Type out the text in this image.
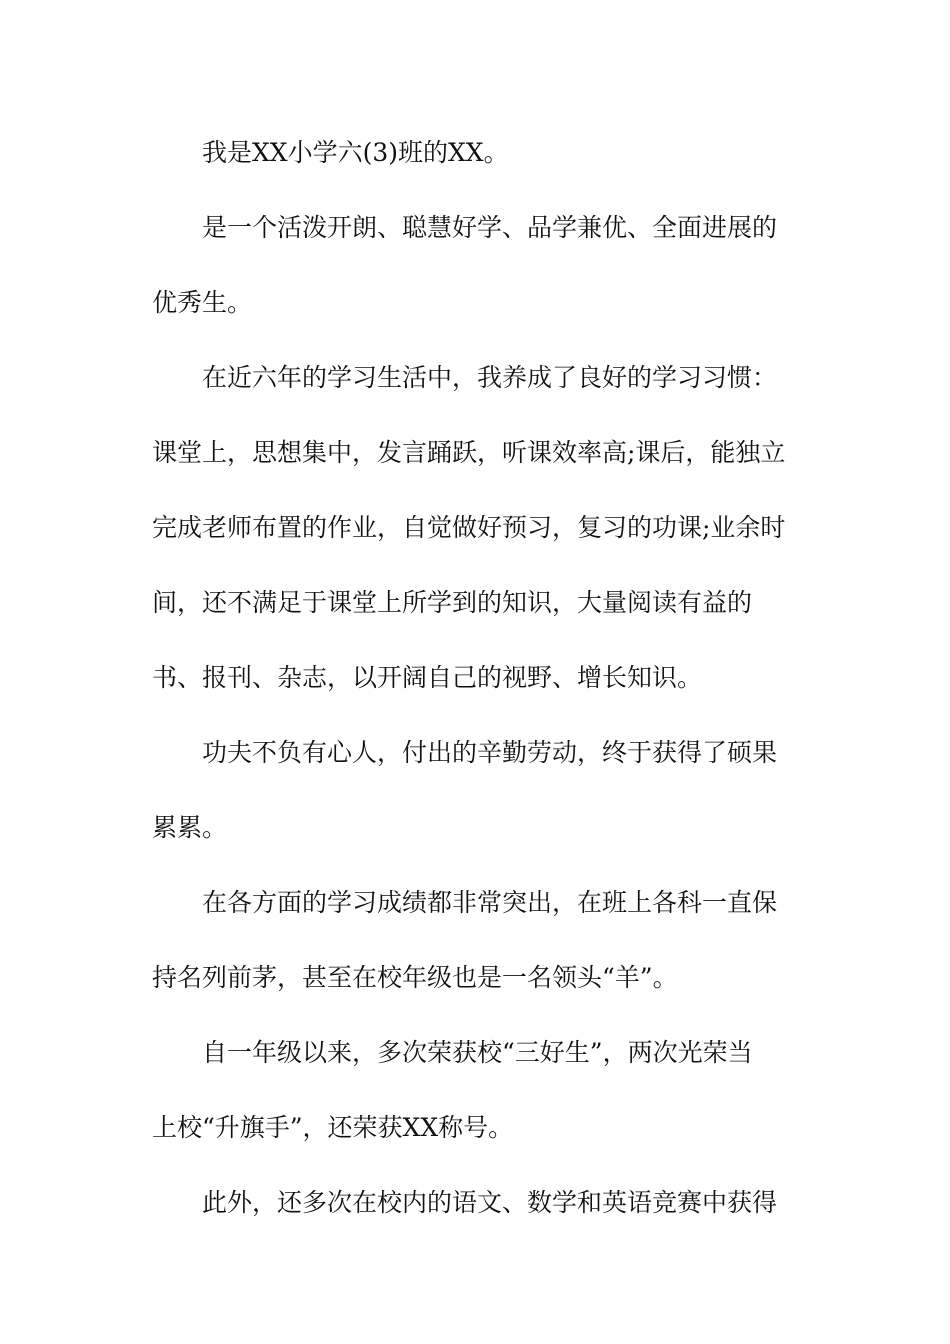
我是XX小学六(3)班的XX。
是一个活泼开朗、聪慧好学、品学兼优、全面进展的
优秀生。
在近六年的学习生活中，我养成了良好的学习习惯：
课堂上，思想集中，发言踊跃，听课效率高;课后，能独立
完成老师布置的作业，自觉做好预习，复习的功课;业余时
间，还不满足于课堂上所学到的知识，大量阅读有益的
书、报刊、杂志，以开阔自己的视野、增长知识。
功夫不负有心人，付出的辛勤劳动，终于获得了硕果
累累。
在各方面的学习成绩都非常突出，在班上各科一直保
持名列前茅，甚至在校年级也是一名领头“羊”。
自一年级以来，多次荣获校“三好生”，两次光荣当
上校“升旗手”，还荣获XX称号。
此外，还多次在校内的语文、数学和英语竞赛中获得
